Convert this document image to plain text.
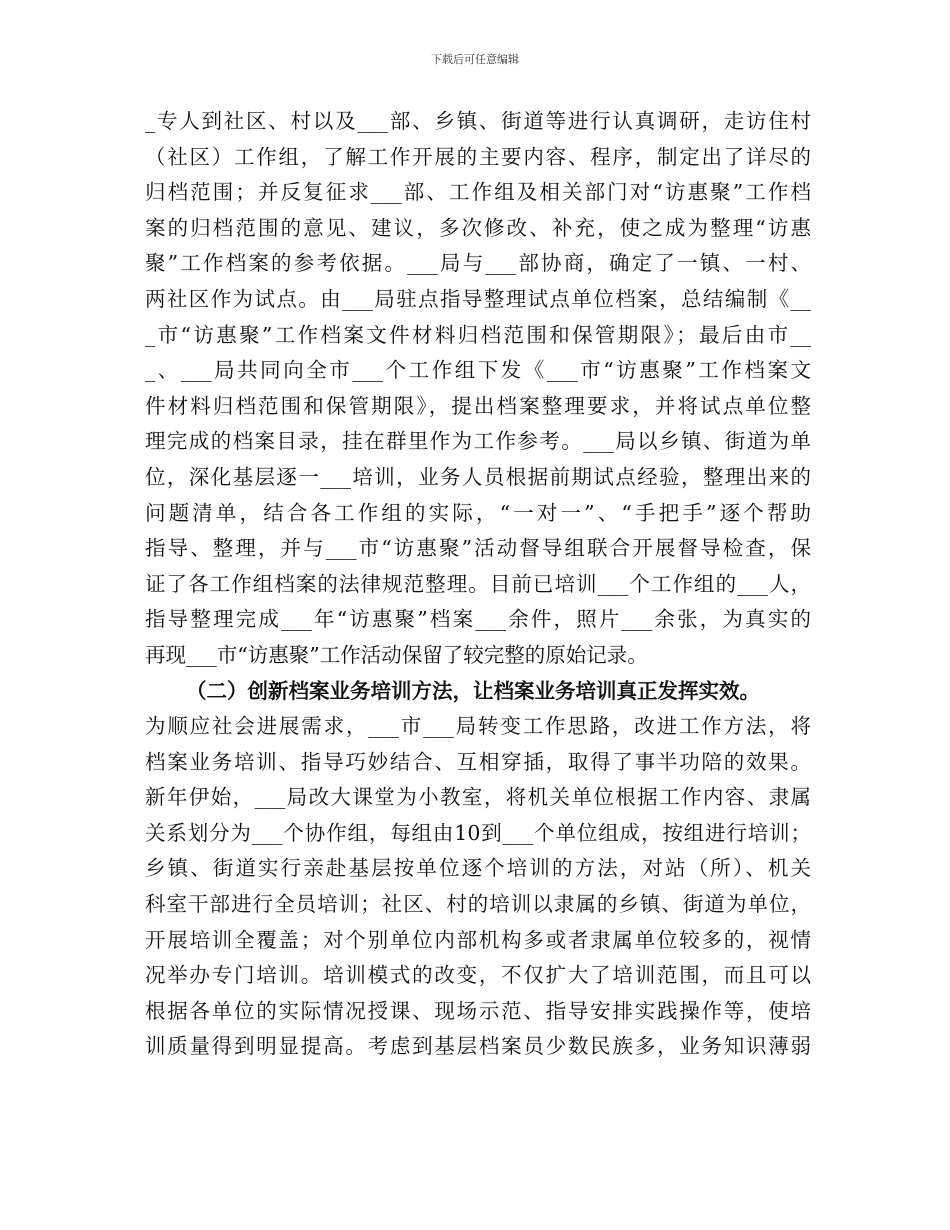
下载后可任意编辑
_专人到社区、村以及___部、乡镇、街道等进行认真调研，走访住村
（社区）工作组，了解工作开展的主要内容、程序，制定出了详尽的
归档范围；并反复征求___部、工作组及相关部门对“访惠聚”工作档
案的归档范围的意见、建议，多次修改、补充，使之成为整理“访惠
聚”工作档案的参考依据。___局与___部协商，确定了一镇、一村、
两社区作为试点。由___局驻点指导整理试点单位档案，总结编制《__
_市“访惠聚”工作档案文件材料归档范围和保管期限》；最后由市__
_、___局共同向全市___个工作组下发《___市“访惠聚”工作档案文
件材料归档范围和保管期限》，提出档案整理要求，并将试点单位整
理完成的档案目录，挂在群里作为工作参考。___局以乡镇、街道为单
位，深化基层逐一___培训，业务人员根据前期试点经验，整理出来的
问题清单，结合各工作组的实际，“一对一”、“手把手”逐个帮助
指导、整理，并与___市“访惠聚”活动督导组联合开展督导检查，保
证了各工作组档案的法律规范整理。目前已培训___个工作组的___人，
指导整理完成___年“访惠聚”档案___余件，照片___余张，为真实的
再现___市“访惠聚”工作活动保留了较完整的原始记录。
（二）创新档案业务培训方法，让档案业务培训真正发挥实效。
为顺应社会进展需求，___市___局转变工作思路，改进工作方法，将
档案业务培训、指导巧妙结合、互相穿插，取得了事半功陪的效果。
新年伊始，___局改大课堂为小教室，将机关单位根据工作内容、隶属
关系划分为___个协作组，每组由10到___个单位组成，按组进行培训；
乡镇、街道实行亲赴基层按单位逐个培训的方法，对站（所）、机关
科室干部进行全员培训；社区、村的培训以隶属的乡镇、街道为单位，
开展培训全覆盖；对个别单位内部机构多或者隶属单位较多的，视情
况举办专门培训。培训模式的改变，不仅扩大了培训范围，而且可以
根据各单位的实际情况授课、现场示范、指导安排实践操作等，使培
训质量得到明显提高。考虑到基层档案员少数民族多，业务知识薄弱
